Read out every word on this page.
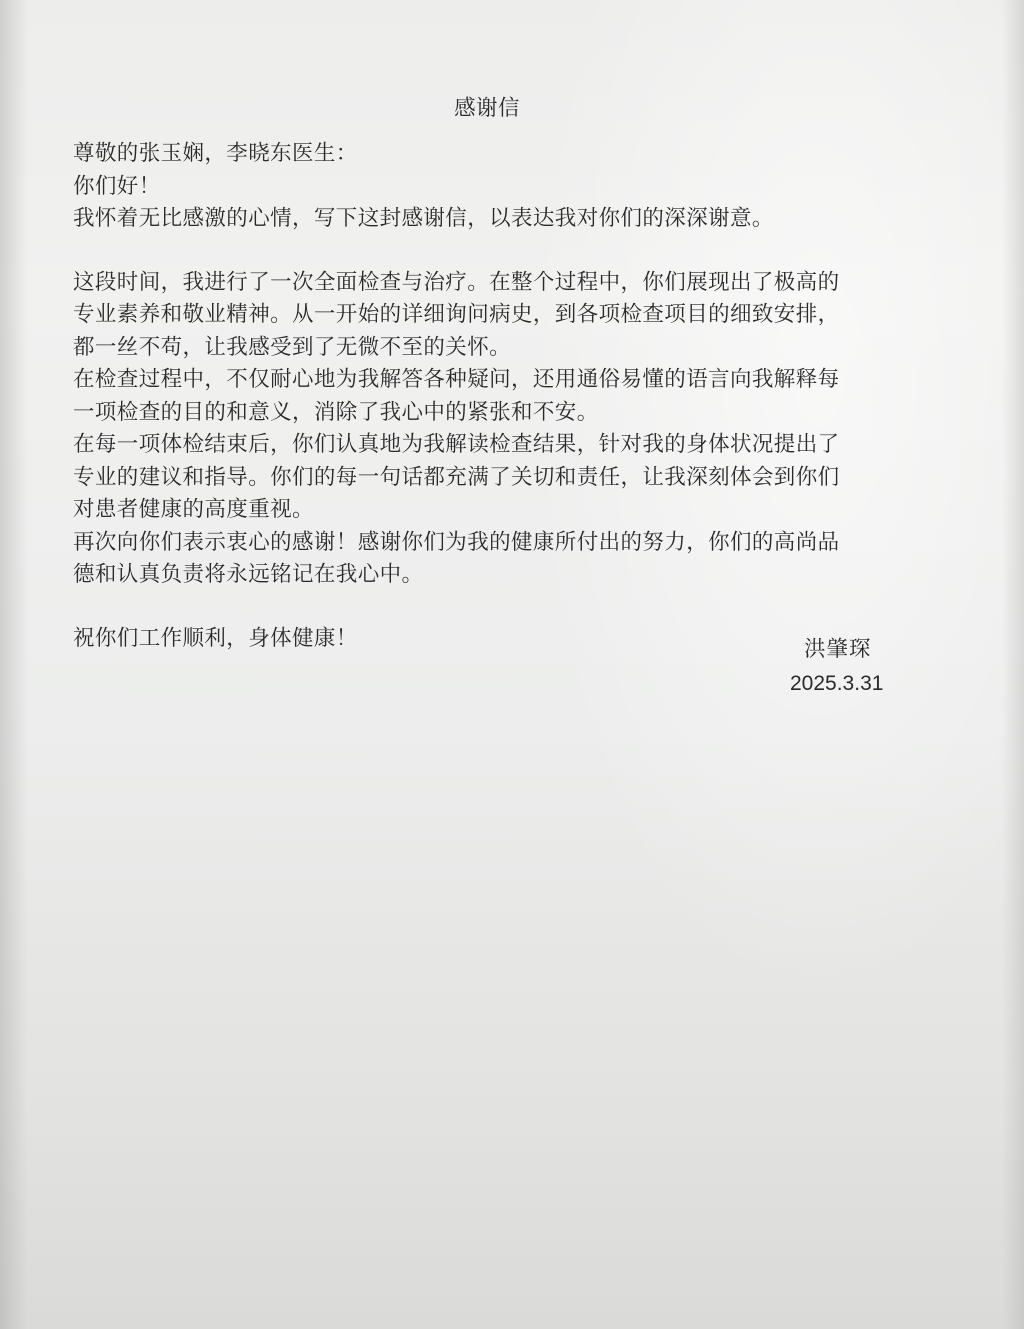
感谢信

尊敬的张玉娴，李晓东医生：

你们好！

我怀着无比感激的心情，写下这封感谢信，以表达我对你们的深深谢意。

这段时间，我进行了一次全面检查与治疗。在整个过程中，你们展现出了极高的

专业素养和敬业精神。从一开始的详细询问病史，到各项检查项目的细致安排，

都一丝不苟，让我感受到了无微不至的关怀。

在检查过程中，不仅耐心地为我解答各种疑问，还用通俗易懂的语言向我解释每

一项检查的目的和意义，消除了我心中的紧张和不安。

在每一项体检结束后，你们认真地为我解读检查结果，针对我的身体状况提出了

专业的建议和指导。你们的每一句话都充满了关切和责任，让我深刻体会到你们

对患者健康的高度重视。

再次向你们表示衷心的感谢！感谢你们为我的健康所付出的努力，你们的高尚品

德和认真负责将永远铭记在我心中。

祝你们工作顺利，身体健康！	洪肇琛

2025.3.31
